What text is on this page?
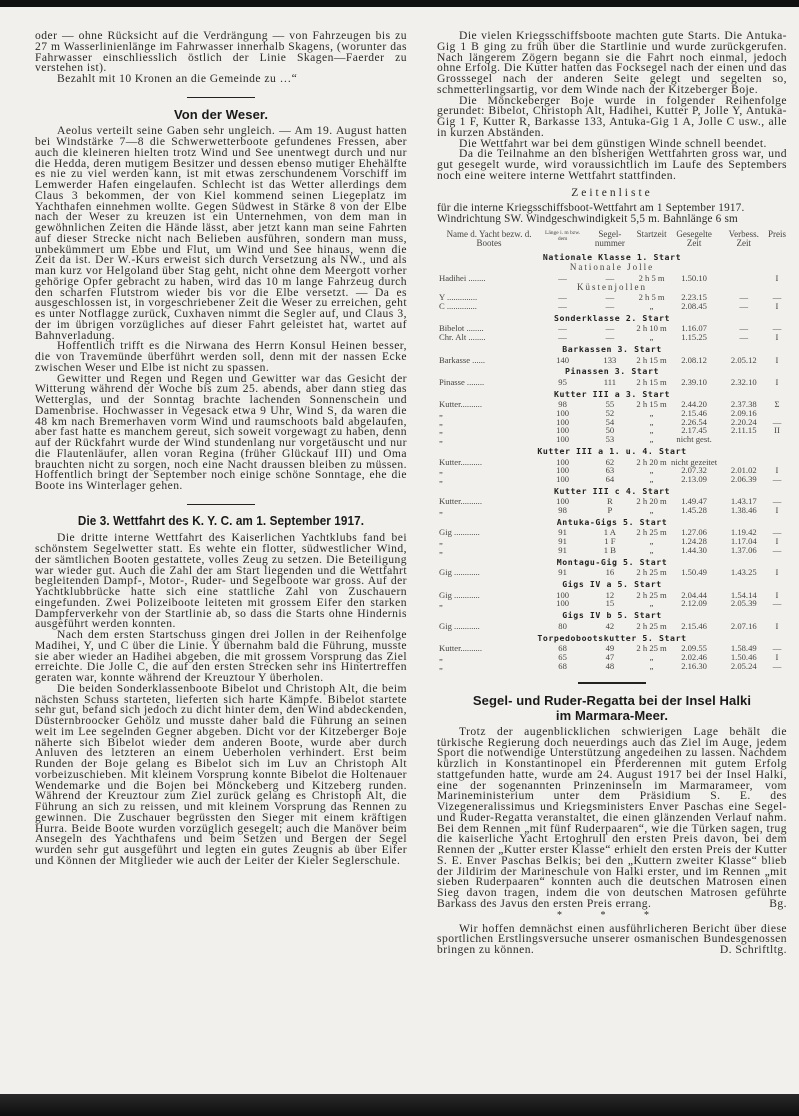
oder — ohne Rücksicht auf die Verdrängung — von Fahrzeugen bis zu 27 m Wasserlinienlänge im Fahrwasser innerhalb Skagens, (worunter das Fahrwasser einschliesslich östlich der Linie Skagen—Faerder zu verstehen ist).

Bezahlt mit 10 Kronen an die Gemeinde zu …“

Von der Weser.

Aeolus verteilt seine Gaben sehr ungleich. — Am 19. August hatten bei Windstärke 7—8 die Schwerwetterboote gefundenes Fressen, aber auch die kleineren hielten trotz Wind und See unentwegt durch und nur die Hedda, deren mutigem Besitzer und dessen ebenso mutiger Ehehälfte es nie zu viel werden kann, ist mit etwas zerschundenem Vorschiff im Lemwerder Hafen eingelaufen. Schlecht ist das Wetter allerdings dem Claus 3 bekommen, der von Kiel kommend seinen Liegeplatz im Yachthafen einnehmen wollte. Gegen Südwest in Stärke 8 von der Elbe nach der Weser zu kreuzen ist ein Unternehmen, von dem man in gewöhnlichen Zeiten die Hände lässt, aber jetzt kann man seine Fahrten auf dieser Strecke nicht nach Belieben ausführen, sondern man muss, unbekümmert um Ebbe und Flut, um Wind und See hinaus, wenn die Zeit da ist. Der W.-Kurs erweist sich durch Versetzung als NW., und als man kurz vor Helgoland über Stag geht, nicht ohne dem Meergott vorher gehörige Opfer gebracht zu haben, wird das 10 m lange Fahrzeug durch den scharfen Flutstrom wieder bis vor die Elbe versetzt. — Da es ausgeschlossen ist, in vorgeschriebener Zeit die Weser zu erreichen, geht es unter Notflagge zurück, Cuxhaven nimmt die Segler auf, und Claus 3, der im übrigen vorzügliches auf dieser Fahrt geleistet hat, wartet auf Bahnverladung.

Hoffentlich trifft es die Nirwana des Herrn Konsul Heinen besser, die von Travemünde überführt werden soll, denn mit der nassen Ecke zwischen Weser und Elbe ist nicht zu spassen.

Gewitter und Regen und Regen und Gewitter war das Gesicht der Witterung während der Woche bis zum 25. abends, aber dann stieg das Wetterglas, und der Sonntag brachte lachenden Sonnenschein und Damenbrise. Hochwasser in Vegesack etwa 9 Uhr, Wind S, da waren die 48 km nach Bremerhaven vorm Wind und raumschoots bald abgelaufen, aber fast hatte es manchem gereut, sich soweit vorgewagt zu haben, denn auf der Rückfahrt wurde der Wind stundenlang nur vorgetäuscht und nur die Flautenläufer, allen voran Regina (früher Glückauf III) und Oma brauchten nicht zu sorgen, noch eine Nacht draussen bleiben zu müssen. Hoffentlich bringt der September noch einige schöne Sonntage, ehe die Boote ins Winterlager gehen.

Die 3. Wettfahrt des K. Y. C. am 1. September 1917.

Die dritte interne Wettfahrt des Kaiserlichen Yachtklubs fand bei schönstem Segelwetter statt. Es wehte ein flotter, südwestlicher Wind, der sämtlichen Booten gestattete, volles Zeug zu setzen. Die Beteiligung war wieder gut. Auch die Zahl der am Start liegenden und die Wettfahrt begleitenden Dampf-, Motor-, Ruder- und Segelboote war gross. Auf der Yachtklubbrücke hatte sich eine stattliche Zahl von Zuschauern eingefunden. Zwei Polizeiboote leiteten mit grossem Eifer den starken Dampferverkehr von der Startlinie ab, so dass die Starts ohne Hindernis ausgeführt werden konnten.

Nach dem ersten Startschuss gingen drei Jollen in der Reihenfolge Madihei, Y, und C über die Linie. Y übernahm bald die Führung, musste sie aber wieder an Hadihei abgeben, die mit grossem Vorsprung das Ziel erreichte. Die Jolle C, die auf den ersten Strecken sehr ins Hintertreffen geraten war, konnte während der Kreuztour Y überholen.

Die beiden Sonderklassenboote Bibelot und Christoph Alt, die beim nächsten Schuss starteten, lieferten sich harte Kämpfe. Bibelot startete sehr gut, befand sich jedoch zu dicht hinter dem, den Wind abdeckenden, Düsternbroocker Gehölz und musste daher bald die Führung an seinen weit im Lee segelnden Gegner abgeben. Dicht vor der Kitzeberger Boje näherte sich Bibelot wieder dem anderen Boote, wurde aber durch Anluven des letzteren an einem Ueberholen verhindert. Erst beim Runden der Boje gelang es Bibelot sich im Luv an Christoph Alt vorbeizuschieben. Mit kleinem Vorsprung konnte Bibelot die Holtenauer Wendemarke und die Bojen bei Mönckeberg und Kitzeberg runden. Während der Kreuztour zum Ziel zurück gelang es Christoph Alt, die Führung an sich zu reissen, und mit kleinem Vorsprung das Rennen zu gewinnen. Die Zuschauer begrüssten den Sieger mit einem kräftigen Hurra. Beide Boote wurden vorzüglich gesegelt; auch die Manöver beim Ansegeln des Yachthafens und beim Setzen und Bergen der Segel wurden sehr gut ausgeführt und legten ein gutes Zeugnis ab über Eifer und Können der Mitglieder wie auch der Leiter der Kieler Seglerschule.

Die vielen Kriegsschiffsboote machten gute Starts. Die Antuka-Gig 1 B ging zu früh über die Startlinie und wurde zurückgerufen. Nach längerem Zögern begann sie die Fahrt noch einmal, jedoch ohne Erfolg. Die Kutter hatten das Focksegel nach der einen und das Grosssegel nach der anderen Seite gelegt und segelten so, schmetterlingsartig, vor dem Winde nach der Kitzeberger Boje.

Die Mönckeberger Boje wurde in folgender Reihenfolge gerundet: Bibelot, Christoph Alt, Hadihei, Kutter P, Jolle Y, Antuka-Gig 1 F, Kutter R, Barkasse 133, Antuka-Gig 1 A, Jolle C usw., alle in kurzen Abständen.

Die Wettfahrt war bei dem günstigen Winde schnell beendet.

Da die Teilnahme an den bisherigen Wettfahrten gross war, und gut gesegelt wurde, wird voraussichtlich im Laufe des Septembers noch eine weitere interne Wettfahrt stattfinden.

Zeitenliste
für die interne Kriegsschiffsboot-Wettfahrt am 1 September 1917.
Windrichtung SW. Windgeschwindigkeit 5,5 m. Bahnlänge 6 sm
Name d. Yacht bezw. d. Bootes	Länge i. m bzw. dem	Segel-nummer	Startzeit	Gesegelte Zeit	Verbess. Zeit	Preis
Nationale Klasse 1. Start						
Nationale Jolle						
Hadihei ........	—	—	2 h 5 m	1.50.10		I
Küstenjollen						
Y ..............	—	—	2 h 5 m	2.23.15	—	—
C ..............	—	—	„	2.08.45	—	I
Sonderklasse 2. Start						
Bibelot ........	—	—	2 h 10 m	1.16.07	—	—
Chr. Alt ........	—	—	„	1.15.25	—	I
Barkassen 3. Start						
Barkasse ......	140	133	2 h 15 m	2.08.12	2.05.12	I
Pinassen 3. Start						
Pinasse ........	95	111	2 h 15 m	2.39.10	2.32.10	I
Kutter III a 3. Start						
Kutter..........	98	55	2 h 15 m	2.44.20	2.37.38	Σ
„	100	52	„	2.15.46	2.09.16	
„	100	54	„	2.26.54	2.20.24	—
„	100	50	„	2.17.45	2.11.15	II
„	100	53	„	nicht gest.		
Kutter III a 1. u. 4. Start						
Kutter..........	100	62	2 h 20 m	nicht gezeitet		
„	100	63	„	2.07.32	2.01.02	I
„	100	64	„	2.13.09	2.06.39	—
Kutter III c 4. Start						
Kutter..........	100	R	2 h 20 m	1.49.47	1.43.17	—
„	98	P	„	1.45.28	1.38.46	I
Antuka-Gigs 5. Start						
Gig ............	91	1 A	2 h 25 m	1.27.06	1.19.42	—
„	91	1 F	„	1.24.28	1.17.04	I
„	91	1 B	„	1.44.30	1.37.06	—
Montagu-Gig 5. Start						
Gig ............	91	16	2 h 25 m	1.50.49	1.43.25	I
Gigs IV a 5. Start						
Gig ............	100	12	2 h 25 m	2.04.44	1.54.14	I
„	100	15	„	2.12.09	2.05.39	—
Gigs IV b 5. Start						
Gig ............	80	42	2 h 25 m	2.15.46	2.07.16	I
Torpedobootskutter 5. Start						
Kutter..........	68	49	2 h 25 m	2.09.55	1.58.49	—
„	65	47	„	2.02.46	1.50.46	I
„	68	48	„	2.16.30	2.05.24	—
Segel- und Ruder-Regatta bei der Insel Halki
im Marmara-Meer.

Trotz der augenblicklichen schwierigen Lage behält die türkische Regierung doch neuerdings auch das Ziel im Auge, jedem Sport die notwendige Unterstützung angedeihen zu lassen. Nachdem kürzlich in Konstantinopel ein Pferderennen mit gutem Erfolg stattgefunden hatte, wurde am 24. August 1917 bei der Insel Halki, eine der sogenannten Prinzeninseln im Marmarameer, vom Marineministerium unter dem Präsidium S. E. des Vizegeneralissimus und Kriegsministers Enver Paschas eine Segel- und Ruder-Regatta veranstaltet, die einen glänzenden Verlauf nahm. Bei dem Rennen „mit fünf Ruderpaaren“, wie die Türken sagen, trug die kaiserliche Yacht Ertoghrull den ersten Preis davon, bei dem Rennen der „Kutter erster Klasse“ erhielt den ersten Preis der Kutter S. E. Enver Paschas Belkis; bei den „Kuttern zweiter Klasse“ blieb der Jildirim der Marineschule von Halki erster, und im Rennen „mit sieben Ruderpaaren“ konnten auch die deutschen Matrosen einen Sieg davon tragen, indem die von deutschen Matrosen geführte Barkass des Javus den ersten Preis errang.	Bg.

* * *

Wir hoffen demnächst einen ausführlicheren Bericht über diese sportlichen Erstlingsversuche unserer osmanischen Bundesgenossen bringen zu können.	D. Schriftltg.
